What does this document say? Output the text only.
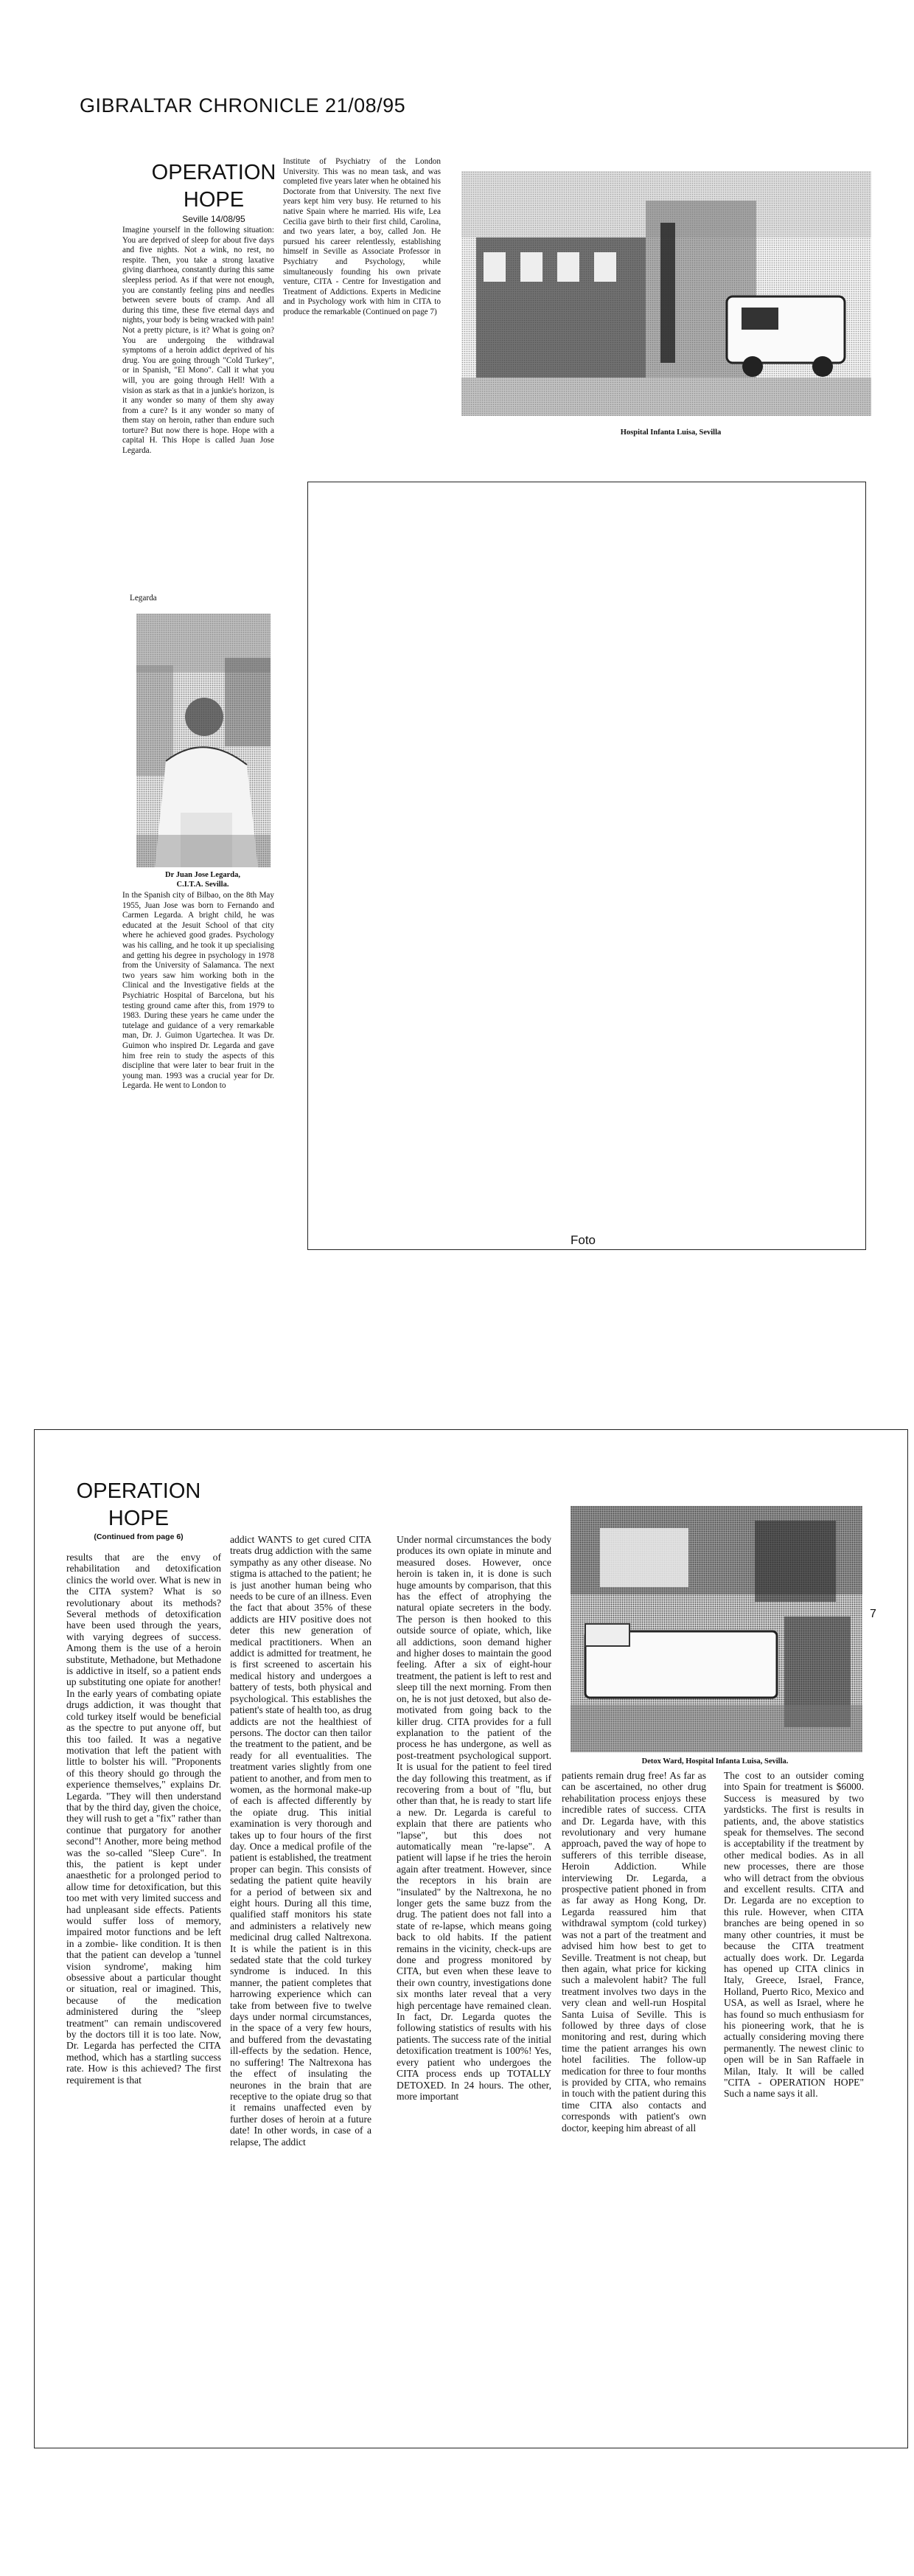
GIBRALTAR CHRONICLE 21/08/95
OPERATION
HOPE
Seville 14/08/95

Imagine yourself in the following situation: You are deprived of sleep for about five days and five nights. Not a wink, no rest, no respite. Then, you take a strong laxative giving diarrhoea, constantly during this same sleepless period. As if that were not enough, you are constantly feeling pins and needles between severe bouts of cramp. And all during this time, these five eternal days and nights, your body is being wracked with pain! Not a pretty picture, is it? What is going on? You are undergoing the withdrawal symptoms of a heroin addict deprived of his drug. You are going through "Cold Turkey", or in Spanish, "El Mono". Call it what you will, you are going through Hell! With a vision as stark as that in a junkie's horizon, is it any wonder so many of them shy away from a cure? Is it any wonder so many of them stay on heroin, rather than endure such torture? But now there is hope. Hope with a capital H. This Hope is called Juan Jose Legarda.

Legarda
Dr Juan Jose Legarda,
C.I.T.A. Sevilla.

In the Spanish city of Bilbao, on the 8th May 1955, Juan Jose was born to Fernando and Carmen Legarda. A bright child, he was educated at the Jesuit School of that city where he achieved good grades. Psychology was his calling, and he took it up specialising and getting his degree in psychology in 1978 from the University of Salamanca. The next two years saw him working both in the Clinical and the Investigative fields at the Psychiatric Hospital of Barcelona, but his testing ground came after this, from 1979 to 1983. During these years he came under the tutelage and guidance of a very remarkable man, Dr. J. Guimon Ugartechea. It was Dr. Guimon who inspired Dr. Legarda and gave him free rein to study the aspects of this discipline that were later to bear fruit in the young man. 1993 was a crucial year for Dr. Legarda. He went to London to

Institute of Psychiatry of the London University. This was no mean task, and was completed five years later when he obtained his Doctorate from that University. The next five years kept him very busy. He returned to his native Spain where he married. His wife, Lea Cecilia gave birth to their first child, Carolina, and two years later, a boy, called Jon. He pursued his career relentlessly, establishing himself in Seville as Associate Professor in Psychiatry and Psychology, while simultaneously founding his own private venture, CITA - Centre for Investigation and Treatment of Addictions. Experts in Medicine and in Psychology work with him in CITA to produce the remarkable (Continued on page 7)

Hospital Infanta Luisa, Sevilla
Foto
OPERATION
HOPE
(Continued from page 6)

results that are the envy of rehabilitation and detoxification clinics the world over. What is new in the CITA system? What is so revolutionary about its methods? Several methods of detoxification have been used through the years, with varying degrees of success. Among them is the use of a heroin substitute, Methadone, but Methadone is addictive in itself, so a patient ends up substituting one opiate for another! In the early years of combating opiate drugs addiction, it was thought that cold turkey itself would be beneficial as the spectre to put anyone off, but this too failed. It was a negative motivation that left the patient with little to bolster his will. "Proponents of this theory should go through the experience themselves," explains Dr. Legarda. "They will then understand that by the third day, given the choice, they will rush to get a "fix" rather than continue that purgatory for another second"! Another, more being method was the so-called "Sleep Cure". In this, the patient is kept under anaesthetic for a prolonged period to allow time for detoxification, but this too met with very limited success and had unpleasant side effects. Patients would suffer loss of memory, impaired motor functions and be left in a zombie- like condition. It is then that the patient can develop a 'tunnel vision syndrome', making him obsessive about a particular thought or situation, real or imagined. This, because of the medication administered during the "sleep treatment" can remain undiscovered by the doctors till it is too late. Now, Dr. Legarda has perfected the CITA method, which has a startling success rate. How is this achieved? The first requirement is that

addict WANTS to get cured CITA treats drug addiction with the same sympathy as any other disease. No stigma is attached to the patient; he is just another human being who needs to be cure of an illness. Even the fact that about 35% of these addicts are HIV positive does not deter this new generation of medical practitioners. When an addict is admitted for treatment, he is first screened to ascertain his medical history and undergoes a battery of tests, both physical and psychological. This establishes the patient's state of health too, as drug addicts are not the healthiest of persons. The doctor can then tailor the treatment to the patient, and be ready for all eventualities. The treatment varies slightly from one patient to another, and from men to women, as the hormonal make-up of each is affected differently by the opiate drug. This initial examination is very thorough and takes up to four hours of the first day. Once a medical profile of the patient is established, the treatment proper can begin. This consists of sedating the patient quite heavily for a period of between six and eight hours. During all this time, qualified staff monitors his state and administers a relatively new medicinal drug called Naltrexona. It is while the patient is in this sedated state that the cold turkey syndrome is induced. In this manner, the patient completes that harrowing experience which can take from between five to twelve days under normal circumstances, in the space of a very few hours, and buffered from the devastating ill-effects by the sedation. Hence, no suffering! The Naltrexona has the effect of insulating the neurones in the brain that are receptive to the opiate drug so that it remains unaffected even by further doses of heroin at a future date! In other words, in case of a relapse, The addict

Under normal circumstances the body produces its own opiate in minute and measured doses. However, once heroin is taken in, it is done is such huge amounts by comparison, that this has the effect of atrophying the natural opiate secreters in the body. The person is then hooked to this outside source of opiate, which, like all addictions, soon demand higher and higher doses to maintain the good feeling. After a six of eight-hour treatment, the patient is left to rest and sleep till the next morning. From then on, he is not just detoxed, but also de-motivated from going back to the killer drug. CITA provides for a full explanation to the patient of the process he has undergone, as well as post-treatment psychological support. It is usual for the patient to feel tired the day following this treatment, as if recovering from a bout of "flu, but other than that, he is ready to start life a new. Dr. Legarda is careful to explain that there are patients who "lapse", but this does not automatically mean "re-lapse". A patient will lapse if he tries the heroin again after treatment. However, since the receptors in his brain are "insulated" by the Naltrexona, he no longer gets the same buzz from the drug. The patient does not fall into a state of re-lapse, which means going back to old habits. If the patient remains in the vicinity, check-ups are done and progress monitored by CITA, but even when these leave to their own country, investigations done six months later reveal that a very high percentage have remained clean. In fact, Dr. Legarda quotes the following statistics of results with his patients. The success rate of the initial detoxification treatment is 100%! Yes, every patient who undergoes the CITA process ends up TOTALLY DETOXED. In 24 hours. The other, more important

7
Detox Ward, Hospital Infanta Luisa, Sevilla.

patients remain drug free! As far as can be ascertained, no other drug rehabilitation process enjoys these incredible rates of success. CITA and Dr. Legarda have, with this revolutionary and very humane approach, paved the way of hope to sufferers of this terrible disease, Heroin Addiction. While interviewing Dr. Legarda, a prospective patient phoned in from as far away as Hong Kong, Dr. Legarda reassured him that withdrawal symptom (cold turkey) was not a part of the treatment and advised him how best to get to Seville. Treatment is not cheap, but then again, what price for kicking such a malevolent habit? The full treatment involves two days in the very clean and well-run Hospital Santa Luisa of Seville. This is followed by three days of close monitoring and rest, during which time the patient arranges his own hotel facilities. The follow-up medication for three to four months is provided by CITA, who remains in touch with the patient during this time CITA also contacts and corresponds with patient's own doctor, keeping him abreast of all

The cost to an outsider coming into Spain for treatment is $6000. Success is measured by two yardsticks. The first is results in patients, and, the above statistics speak for themselves. The second is acceptability if the treatment by other medical bodies. As in all new processes, there are those who will detract from the obvious and excellent results. CITA and Dr. Legarda are no exception to this rule. However, when CITA branches are being opened in so many other countries, it must be because the CITA treatment actually does work. Dr. Legarda has opened up CITA clinics in Italy, Greece, Israel, France, Holland, Puerto Rico, Mexico and USA, as well as Israel, where he has found so much enthusiasm for his pioneering work, that he is actually considering moving there permanently. The newest clinic to open will be in San Raffaele in Milan, Italy. It will be called "CITA - OPERATION HOPE" Such a name says it all.
